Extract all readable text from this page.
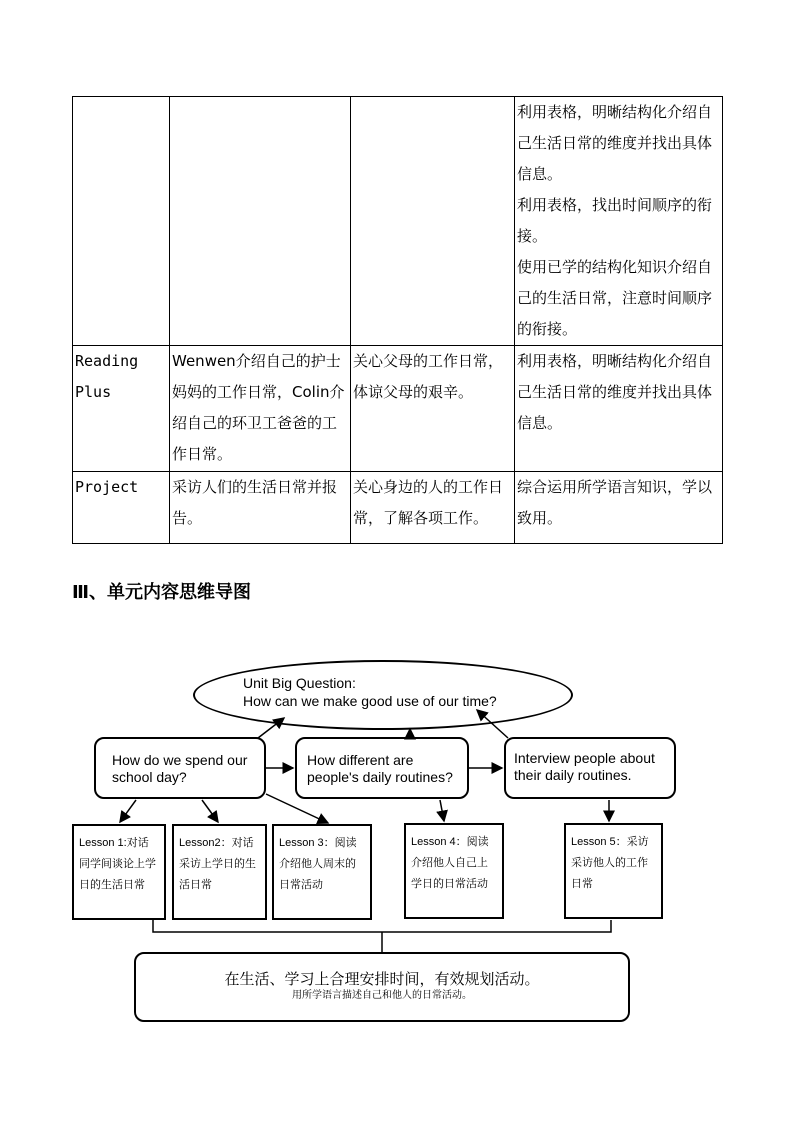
			利用表格，明晰结构化介绍自己生活日常的维度并找出具体信息。

利用表格，找出时间顺序的衔接。

使用已学的结构化知识介绍自己的生活日常，注意时间顺序的衔接。

Reading Plus	Wenwen介绍自己的护士妈妈的工作日常，Colin介绍自己的环卫工爸爸的工作日常。	关心父母的工作日常，体谅父母的艰辛。	利用表格，明晰结构化介绍自己生活日常的维度并找出具体信息。

Project	采访人们的生活日常并报告。	关心身边的人的工作日常，了解各项工作。	综合运用所学语言知识，学以致用。

Ⅲ、单元内容思维导图
Unit Big Question:
How can we make good use of our time?
How do we spend our school day?
How different are people's daily routines?
Interview people about their daily routines.
Lesson 1:对话 同学间谈论上学日的生活日常
Lesson2：对话 采访上学日的生活日常
Lesson 3：阅读 介绍他人周末的日常活动
Lesson 4：阅读 介绍他人自己上学日的日常活动
Lesson 5：采访 采访他人的工作日常
在生活、学习上合理安排时间，有效规划活动。
用所学语言描述自己和他人的日常活动。
